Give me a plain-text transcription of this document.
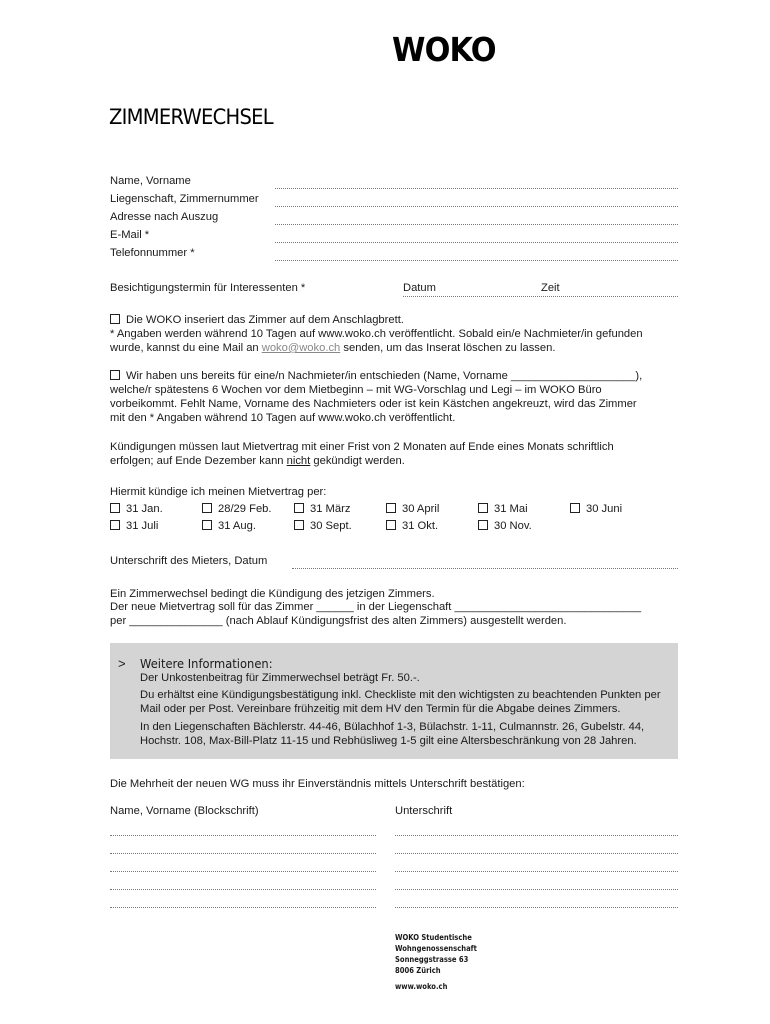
WOKO
ZIMMERWECHSEL
Name, Vorname
Liegenschaft, Zimmernummer
Adresse nach Auszug
E-Mail *
Telefonnummer *
Besichtigungstermin für Interessenten *	Datum	Zeit
Die WOKO inseriert das Zimmer auf dem Anschlagbrett.
* Angaben werden während 10 Tagen auf www.woko.ch veröffentlicht. Sobald ein/e Nachmieter/in gefunden
wurde, kannst du eine Mail an woko@woko.ch senden, um das Inserat löschen zu lassen.
Wir haben uns bereits für eine/n Nachmieter/in entschieden (Name, Vorname ____________________),
welche/r spätestens 6 Wochen vor dem Mietbeginn – mit WG-Vorschlag und Legi – im WOKO Büro
vorbeikommt. Fehlt Name, Vorname des Nachmieters oder ist kein Kästchen angekreuzt, wird das Zimmer
mit den * Angaben während 10 Tagen auf www.woko.ch veröffentlicht.
Kündigungen müssen laut Mietvertrag mit einer Frist von 2 Monaten auf Ende eines Monats schriftlich
erfolgen; auf Ende Dezember kann nicht gekündigt werden.
Hiermit kündige ich meinen Mietvertrag per:
31 Jan.	28/29 Feb.	31 März	30 April	31 Mai	30 Juni
31 Juli	31 Aug.	30 Sept.	31 Okt.	30 Nov.
Unterschrift des Mieters, Datum
Ein Zimmerwechsel bedingt die Kündigung des jetzigen Zimmers.
Der neue Mietvertrag soll für das Zimmer ______ in der Liegenschaft ______________________________
per _______________ (nach Ablauf Kündigungsfrist des alten Zimmers) ausgestellt werden.
> Weitere Informationen:
Der Unkostenbeitrag für Zimmerwechsel beträgt Fr. 50.-.
Du erhältst eine Kündigungsbestätigung inkl. Checkliste mit den wichtigsten zu beachtenden Punkten per Mail oder per Post. Vereinbare frühzeitig mit dem HV den Termin für die Abgabe deines Zimmers.
In den Liegenschaften Bächlerstr. 44-46, Bülachhof 1-3, Bülachstr. 1-11, Culmannstr. 26, Gubelstr. 44, Hochstr. 108, Max-Bill-Platz 11-15 und Rebhüsliweg 1-5 gilt eine Altersbeschränkung von 28 Jahren.
Die Mehrheit der neuen WG muss ihr Einverständnis mittels Unterschrift bestätigen:
Name, Vorname (Blockschrift)	Unterschrift
WOKO Studentische
Wohngenossenschaft
Sonneggstrasse 63
8006 Zürich
www.woko.ch
